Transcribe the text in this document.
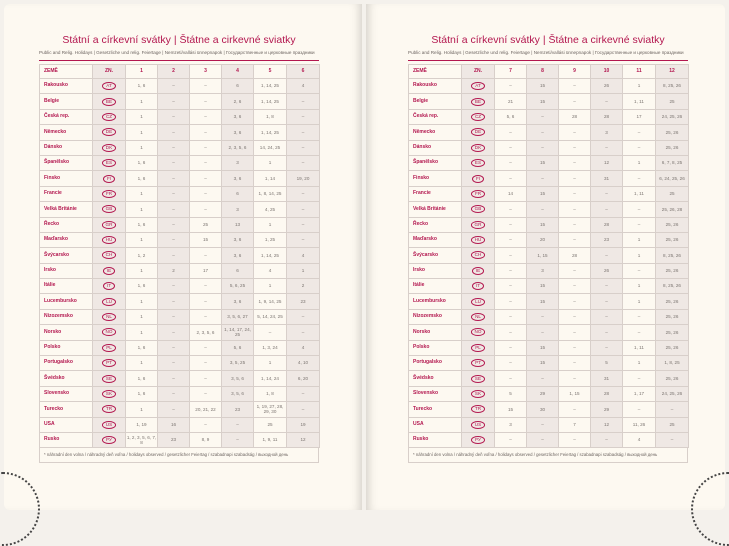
Státní a církevní svátky | Štátne a cirkevné sviatky
Public and Relig. Holidays | Gesetzliche und relig. Feiertage | Nemzeti/vallási ünnepnapok | Государственные и церковные праздники
ZEMĚ	ZN.	1	2	3	4	5	6
Rakousko	AT	1, 6	–	–	6	1, 14, 25	4
Belgie	BE	1	–	–	2, 6	1, 14, 25	–
Česká rep.	CZ	1	–	–	3, 6	1, 8	–
Německo	DE	1	–	–	3, 6	1, 14, 25	–
Dánsko	DK	1	–	–	2, 3, 5, 6	14, 24, 25	–
Španělsko	ES	1, 6	–	–	3	1	–
Finsko	FI	1, 6	–	–	3, 6	1, 14	19, 20
Francie	FR	1	–	–	6	1, 8, 14, 25	–
Velká Británie	GB	1	–	–	3	4, 25	–
Řecko	GR	1, 6	–	25	13	1	–
Maďarsko	HU	1	–	15	3, 6	1, 25	–
Švýcarsko	CH	1, 2	–	–	3, 6	1, 14, 25	4
Irsko	IE	1	2	17	6	4	1
Itálie	IT	1, 6	–	–	5, 6, 25	1	2
Lucembursko	LU	1	–	–	3, 6	1, 9, 14, 25	23
Nizozemsko	NL	1	–	–	3, 5, 6, 27	5, 14, 24, 25	–
Norsko	NO	1	–	2, 3, 5, 6	1, 14, 17, 24, 25	–	–
Polsko	PL	1, 6	–	–	5, 6	1, 3, 24	4
Portugalsko	PT	1	–	–	3, 5, 25	1	4, 10
Švédsko	SE	1, 6	–	–	3, 5, 6	1, 14, 24	6, 20
Slovensko	SK	1, 6	–	–	3, 5, 6	1, 8	–
Turecko	TR	1	–	20, 21, 22	23	1, 19, 27, 28, 29, 30	–
USA	US	1, 19	16	–	–	25	19
Rusko	РУ	1, 2, 3, 5, 6, 7, 8	23	8, 9	–	1, 9, 11	12
* náhradní den volna / náhradný deň voľna / holidays observed / gesetzlicher Feiertag / szabadnapi szabadság / выходной день
Státní a církevní svátky | Štátne a cirkevné sviatky
Public and Relig. Holidays | Gesetzliche und relig. Feiertage | Nemzeti/vallási ünnepnapok | Государственные и церковные праздники
ZEMĚ	ZN.	7	8	9	10	11	12
Rakousko	AT	–	15	–	26	1	8, 25, 26
Belgie	BE	21	15	–	–	1, 11	25
Česká rep.	CZ	5, 6	–	28	28	17	24, 25, 26
Německo	DE	–	–	–	3	–	25, 26
Dánsko	DK	–	–	–	–	–	25, 26
Španělsko	ES	–	15	–	12	1	6, 7, 8, 25
Finsko	FI	–	–	–	31	–	6, 24, 25, 26
Francie	FR	14	15	–	–	1, 11	25
Velká Británie	GB	–	–	–	–	–	25, 26, 28
Řecko	GR	–	15	–	28	–	25, 26
Maďarsko	HU	–	20	–	23	1	25, 26
Švýcarsko	CH	–	1, 15	28	–	1	8, 25, 26
Irsko	IE	–	3	–	26	–	25, 26
Itálie	IT	–	15	–	–	1	8, 25, 26
Lucembursko	LU	–	15	–	–	1	25, 26
Nizozemsko	NL	–	–	–	–	–	25, 26
Norsko	NO	–	–	–	–	–	25, 26
Polsko	PL	–	15	–	–	1, 11	25, 26
Portugalsko	PT	–	15	–	5	1	1, 8, 25
Švédsko	SE	–	–	–	31	–	25, 26
Slovensko	SK	5	29	1, 15	28	1, 17	24, 25, 26
Turecko	TR	15	30	–	29	–	–
USA	US	3	–	7	12	11, 26	25
Rusko	РУ	–	–	–	–	4	–
* náhradní den volna / náhradný deň voľna / holidays observed / gesetzlicher Feiertag / szabadnapi szabadság / выходной день
